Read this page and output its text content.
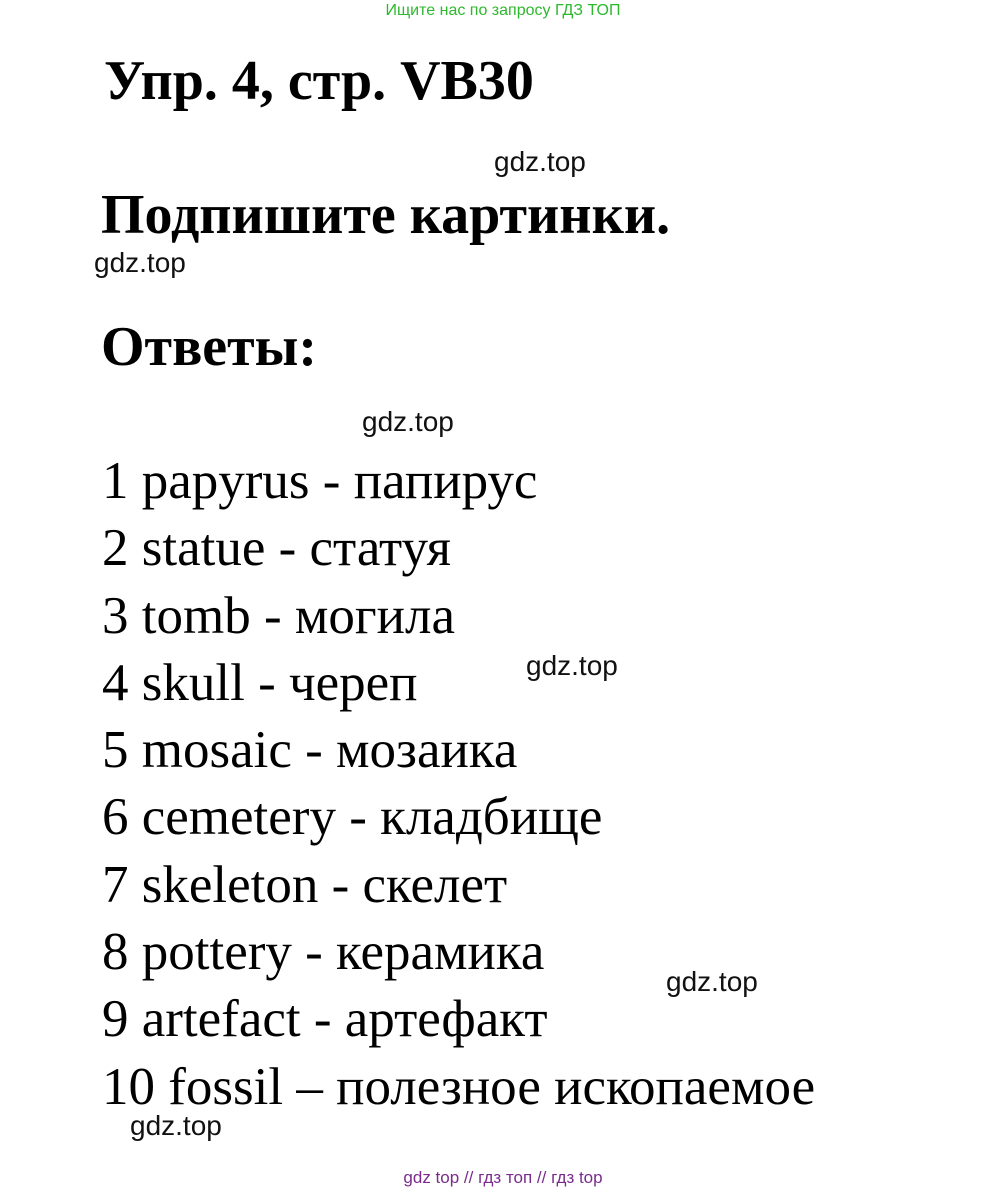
Ищите нас по запросу ГДЗ ТОП
Упр. 4, стр. VB30
gdz.top
Подпишите картинки.
gdz.top
Ответы:
gdz.top
1 papyrus - папирус
2 statue - статуя
3 tomb - могила
4 skull - череп
5 mosaic - мозаика
6 cemetery - кладбище
7 skeleton - скелет
8 pottery - керамика
9 artefact - артефакт
10 fossil – полезное ископаемое
gdz.top
gdz.top
gdz.top
gdz top // гдз топ // гдз top
